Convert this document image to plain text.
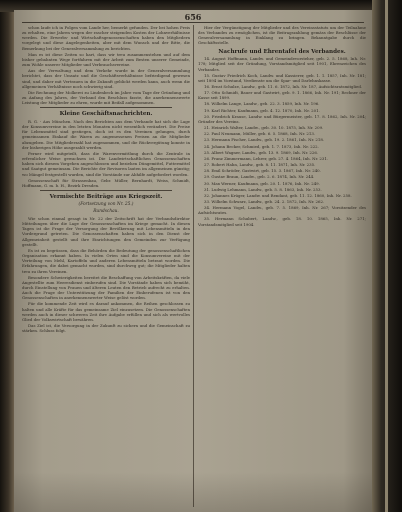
656

schon laufe ich in Folgen vom Lande her, bemerkt gefunden. Der bei hohen Preis zu erhalten, eine Jahren wegen der rascher steigenden Kosten der Lohnverhältnisse werden. Die Erwerbs- und Wirtschaftsgenossenschaften haben den Mitgliedern vorgelegt und diese Angelegenheiten, aber mit dem Wunsch und der Bitte, die Bemerkung bei der Generalversammlung zu berichten.

Man es ist diese Zeiten so hart, dass wir treu zusammenstehen und auf dem bisher gebahnten Wege fortfahren mit der Arbeit zum Besten unserer Gemeinde, zum Wohle unserer Mitglieder und Verbrauchsvereine.

Aus der Verwaltung und dem Verkehr wurde in der Generalversammlung berichtet, dass der Umsatz und die Geschäftsverhältnisse befriedigend gewesen sind, und daher mit Vertrauen in die Zukunft geblickt werden kann, auch wenn die allgemeinen Verhältnisse noch schwierig sind.

Die Rechnung der Molkerei zu Lindenbeck im Jahre vom Tage der Gründung und zu Anfang des Jahres, der Verband den Beschluss fasste, die anerkennenswerte Leistung der Mitglieder zu ehren, wurde mit Beifall aufgenommen.

Kleine Geschäftsnachrichten.

R. G. - Aus München. Nach den Berichten aus dem Verbande hat sich die Lage der Konsumvereine in den letzten Monaten nicht wesentlich verändert. Die Preise für Lebensmittel sind gestiegen, doch ist es den Vereinen gelungen, durch gemeinsamen Einkauf die Waren zu angemessenen Preisen an die Mitglieder abzugeben. Die Mitgliederzahl hat zugenommen, und die Rückvergütung konnte in der bisherigen Höhe ausgezahlt werden.

Ferner wird mitgeteilt, dass die Warenvermittlung durch die Zentrale in erfreulicher Weise gewachsen ist. Die Landwirtschaftlichen Genossenschaften haben sich diesem Vorgehen angeschlossen und beziehen Düngemittel, Futtermittel und Saatgut gemeinsam. Die Berichte der Revisoren lauten im allgemeinen günstig; wo Mängel festgestellt wurden, sind die Vorstände zur Abhilfe aufgefordert worden.

Genossenschaft für Strassenbau, Gebr. Müller, Bernhardt, Weiss, Schmidt, Hoffmann, G. m. b. H., Bezirk Dresden.

Vermischte Beiträge aus Kriegszeit.
(Fortsetzung von Nr. 25.)
Rundschau.

Wie schon einmal gesagt in Nr. 22 der Zeitschrift hat der Verbandsdirektor Mitteilungen über die Lage der Genossenschaften im Kriege gemacht. In diesen Tagen ist die Frage der Versorgung der Bevölkerung mit Lebensmitteln in den Vordergrund getreten. Die Genossenschaften haben sich in den Dienst der Allgemeinheit gestellt und ihre Einrichtungen den Gemeinden zur Verfügung gestellt.

Es ist zu begrüssen, dass die Behörden die Bedeutung der genossenschaftlichen Organisation erkannt haben. In vielen Orten sind die Konsumvereine mit der Verteilung von Mehl, Kartoffeln und anderen Lebensmitteln betraut worden. Die Erfahrungen, die dabei gemacht wurden, sind durchweg gut; die Mitglieder halten treu zu ihren Vereinen.

Besondere Schwierigkeiten bereitet die Beschaffung von Arbeitskräften, da viele Angestellte zum Heeresdienst einberufen sind. Die Vorstände haben sich bemüht, durch Einstellung von Frauen und älteren Leuten den Betrieb aufrecht zu erhalten. Auch die Frage der Unterstützung der Familien der Einberufenen ist von den Genossenschaften in anerkennenswerter Weise gelöst worden.

Für die kommende Zeit wird es darauf ankommen, die Reihen geschlossen zu halten und alle Kräfte für das gemeinsame Ziel einzusetzen. Die Genossenschaften werden auch in dieser schweren Zeit ihre Aufgabe erfüllen und sich als wertvolles Glied der Volkswirtschaft bewähren.

Das Ziel ist, die Versorgung in der Zukunft zu sichern und die Gemeinschaft zu stärken. Schluss folgt.

Hier der Vergünstigung der Mitglieder und des Vereinsstatuts um der Teilnahme des Verbandes zu ermöglichen, ist die Beitragszahlung gemäss der Beschlüsse der Generalversammlung in Einklang zu bringen. Bekanntgabe durch die Geschäftsstelle.

Nachrufe und Ehrentafel des Verbandes.

14. August Hoffmann, Landw. und Gemeindevorsteher, geb. 2. 5. 1868, Inh. Nr. 178; Mitglied seit der Gründung, Vorstandsmitglied seit 1901, Ehrenzeichen des Verbandes.

15. Gustav Friedrich Koch, Landw. und Kassierer, geb. 1. 1. 1857, Inh. Nr. 181; seit 1894 im Vorstand, Verdienste um die Spar- und Darlehnskasse.

16. Ernst Schulze, Landw., geb. 11. 6. 1872, Inh. Nr. 187, Aufsichtsratsmitglied.

17. Otto Schmidt, Bauer und Gastwirt, geb. 9. 1. 1866, Inh. Nr. 191; Rechner der Kasse seit 1899.

18. Wilhelm Lange, Landw., geb. 22. 3. 1859, Inh. Nr. 196.

19. Karl Richter, Kaufmann, geb. 4. 12. 1870, Inh. Nr. 201.

20. Friedrich Krause, Landw. und Bürgermeister, geb. 17. 8. 1862, Inh. Nr. 204; Gründer des Vereins.

21. Heinrich Walter, Landw., geb. 30. 10. 1875, Inh. Nr. 209.

22. Paul Neumann, Müller, geb. 6. 5. 1868, Inh. Nr. 213.

23. Hermann Fischer, Landw., geb. 19. 2. 1861, Inh. Nr. 218.

24. Johann Becker, Schmied, geb. 1. 7. 1873, Inh. Nr. 222.

25. Albert Wagner, Landw., geb. 13. 9. 1869, Inh. Nr. 226.

26. Franz Zimmermann, Lehrer, geb. 27. 4. 1864, Inh. Nr. 231.

27. Robert Hahn, Landw., geb. 8. 11. 1871, Inh. Nr. 235.

28. Emil Schröder, Gastwirt, geb. 15. 3. 1867, Inh. Nr. 240.

29. Gustav Braun, Landw., geb. 2. 6. 1874, Inh. Nr. 244.

30. Max Werner, Kaufmann, geb. 20. 1. 1876, Inh. Nr. 249.

31. Ludwig Lehmann, Landw., geb. 5. 8. 1863, Inh. Nr. 253.

32. Johannes Krüger, Landw. und Rendant, geb. 11. 12. 1860, Inh. Nr. 258.

33. Wilhelm Schwarz, Landw., geb. 24. 2. 1872, Inh. Nr. 262.

34. Hermann Vogel, Landw., geb. 7. 5. 1869, Inh. Nr. 267; Vorsitzender des Aufsichtsrates.

35. Hermann Schubert, Landw., geb. 18. 10. 1865, Inh. Nr. 271; Vorstandsmitglied seit 1904.
